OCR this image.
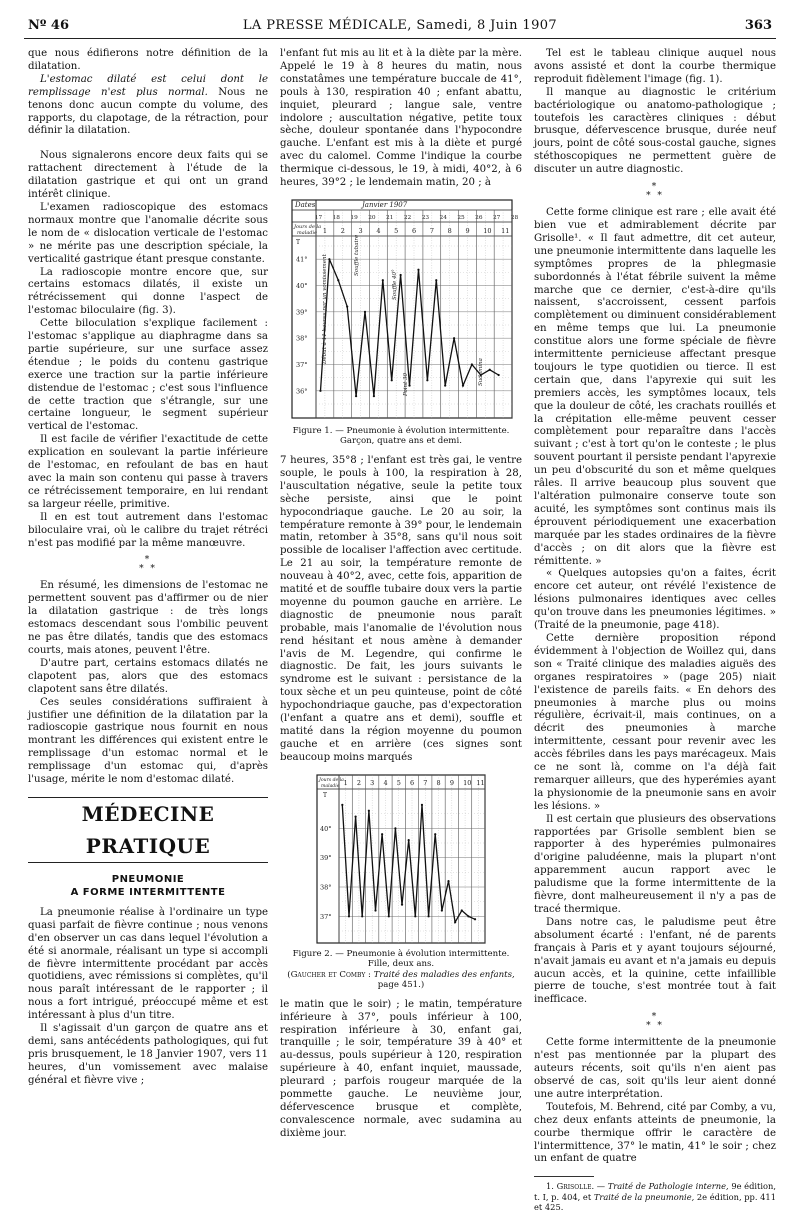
Nº 46	LA PRESSE MÉDICALE, Samedi, 8 Juin 1907	363

que nous édifierons notre définition de la dilatation.

L'estomac dilaté est celui dont le remplissage n'est plus normal. Nous ne tenons donc aucun compte du volume, des rapports, du clapotage, de la rétraction, pour définir la dilatation.

Nous signalerons encore deux faits qui se rattachent directement à l'étude de la dilatation gastrique et qui ont un grand intérêt clinique.

L'examen radioscopique des estomacs normaux montre que l'anomalie décrite sous le nom de « dislocation verticale de l'estomac » ne mérite pas une description spéciale, la verticalité gastrique étant presque constante.

La radioscopie montre encore que, sur certains estomacs dilatés, il existe un rétrécissement qui donne l'aspect de l'estomac biloculaire (fig. 3).

Cette biloculation s'explique facilement : l'estomac s'applique au diaphragme dans sa partie supérieure, sur une surface assez étendue ; le poids du contenu gastrique exerce une traction sur la partie inférieure distendue de l'estomac ; c'est sous l'influence de cette traction que s'étrangle, sur une certaine longueur, le segment supérieur vertical de l'estomac.

Il est facile de vérifier l'exactitude de cette explication en soulevant la partie inférieure de l'estomac, en refoulant de bas en haut avec la main son contenu qui passe à travers ce rétrécissement temporaire, en lui rendant sa largeur réelle, primitive.

Il en est tout autrement dans l'estomac biloculaire vrai, où le calibre du trajet rétréci n'est pas modifié par la même manœuvre.

*
* *

En résumé, les dimensions de l'estomac ne permettent souvent pas d'affirmer ou de nier la dilatation gastrique : de très longs estomacs descendant sous l'ombilic peuvent ne pas être dilatés, tandis que des estomacs courts, mais atones, peuvent l'être.

D'autre part, certains estomacs dilatés ne clapotent pas, alors que des estomacs clapotent sans être dilatés.

Ces seules considérations suffiraient à justifier une définition de la dilatation par la radioscopie gastrique nous fournit en nous montrant les différences qui existent entre le remplissage d'un estomac normal et le remplissage d'un estomac qui, d'après l'usage, mérite le nom d'estomac dilaté.

MÉDECINE PRATIQUE
PNEUMONIE
A FORME INTERMITTENTE

La pneumonie réalise à l'ordinaire un type quasi parfait de fièvre continue ; nous venons d'en observer un cas dans lequel l'évolution a été si anormale, réalisant un type si accompli de fièvre intermittente procédant par accès quotidiens, avec rémissions si complètes, qu'il nous paraît intéressant de le rapporter ; il nous a fort intrigué, préoccupé même et est intéressant à plus d'un titre.

Il s'agissait d'un garçon de quatre ans et demi, sans antécédents pathologiques, qui fut pris brusquement, le 18 Janvier 1907, vers 11 heures, d'un vomissement avec malaise général et fièvre vive ;

l'enfant fut mis au lit et à la diète par la mère. Appelé le 19 à 8 heures du matin, nous constatâmes une température buccale de 41°, pouls à 130, respiration 40 ; enfant abattu, inquiet, pleurard ; langue sale, ventre indolore ; auscultation négative, petite toux sèche, douleur spontanée dans l'hypocondre gauche. L'enfant est mis à la diète et purgé avec du calomel. Comme l'indique la courbe thermique ci-dessous, le 19, à midi, 40°2, à 6 heures, 39°2 ; le lendemain matin, 20 ; à

Dates	Janvier 1907
17 18 19 20 21 22 23 24 25 26 27 28
Jours de la
maladie
T
41°
40°
39°
38°
37°
36°
1 2 3 4 5 6 7 8 9 10 11
Début à 11 heures par un vomissement	Souffle tubaire
Souffle 40°
Point 30	Sudamina
Figure 1. — Pneumonie à évolution intermittente.
Garçon, quatre ans et demi.

7 heures, 35°8 ; l'enfant est très gai, le ventre souple, le pouls à 100, la respiration à 28, l'auscultation négative, seule la petite toux sèche persiste, ainsi que le point hypocondriaque gauche. Le 20 au soir, la température remonte à 39° pour, le lendemain matin, retomber à 35°8, sans qu'il nous soit possible de localiser l'affection avec certitude. Le 21 au soir, la température remonte de nouveau à 40°2, avec, cette fois, apparition de matité et de souffle tubaire doux vers la partie moyenne du poumon gauche en arrière. Le diagnostic de pneumonie nous paraît probable, mais l'anomalie de l'évolution nous rend hésitant et nous amène à demander l'avis de M. Legendre, qui confirme le diagnostic. De fait, les jours suivants le syndrome est le suivant : persistance de la toux sèche et un peu quinteuse, point de côté hypochondriaque gauche, pas d'expectoration (l'enfant a quatre ans et demi), souffle et matité dans la région moyenne du poumon gauche et en arrière (ces signes sont beaucoup moins marqués

Jours de la
maladie
T
40°
39°
38°
37°
1 2 3 4 5 6 7 8 9 10 11
Figure 2. — Pneumonie à évolution intermittente.
Fille, deux ans.
(Gaucher et Comby : Traité des maladies des enfants,
page 451.)

le matin que le soir) ; le matin, température inférieure à 37°, pouls inférieur à 100, respiration inférieure à 30, enfant gai, tranquille ; le soir, température 39 à 40° et au-dessus, pouls supérieur à 120, respiration supérieure à 40, enfant inquiet, maussade, pleurard ; parfois rougeur marquée de la pommette gauche. Le neuvième jour, défervescence brusque et complète, convalescence normale, avec sudamina au dixième jour.

Tel est le tableau clinique auquel nous avons assisté et dont la courbe thermique reproduit fidèlement l'image (fig. 1).

Il manque au diagnostic le critérium bactériologique ou anatomo-pathologique ; toutefois les caractères cliniques : début brusque, défervescence brusque, durée neuf jours, point de côté sous-costal gauche, signes stéthoscopiques ne permettent guère de discuter un autre diagnostic.

*
* *

Cette forme clinique est rare ; elle avait été bien vue et admirablement décrite par Grisolle¹. « Il faut admettre, dit cet auteur, une pneumonie intermittente dans laquelle les symptômes propres de la phlegmasie subordonnés à l'état fébrile suivent la même marche que ce dernier, c'est-à-dire qu'ils naissent, s'accroissent, cessent parfois complètement ou diminuent considérablement en même temps que lui. La pneumonie constitue alors une forme spéciale de fièvre intermittente pernicieuse affectant presque toujours le type quotidien ou tierce. Il est certain que, dans l'apyrexie qui suit les premiers accès, les symptômes locaux, tels que la douleur de côté, les crachats rouillés et la crépitation elle-même peuvent cesser complètement pour reparaître dans l'accès suivant ; c'est à tort qu'on le conteste ; le plus souvent pourtant il persiste pendant l'apyrexie un peu d'obscurité du son et même quelques râles. Il arrive beaucoup plus souvent que l'altération pulmonaire conserve toute son acuité, les symptômes sont continus mais ils éprouvent périodiquement une exacerbation marquée par les stades ordinaires de la fièvre d'accès ; on dit alors que la fièvre est rémittente. »

« Quelques autopsies qu'on a faites, écrit encore cet auteur, ont révélé l'existence de lésions pulmonaires identiques avec celles qu'on trouve dans les pneumonies légitimes. » (Traité de la pneumonie, page 418).

Cette dernière proposition répond évidemment à l'objection de Woillez qui, dans son « Traité clinique des maladies aiguës des organes respiratoires » (page 205) niait l'existence de pareils faits. « En dehors des pneumonies à marche plus ou moins régulière, écrivait-il, mais continues, on a décrit des pneumonies à marche intermittente, cessant pour revenir avec les accès fébriles dans les pays marécageux. Mais ce ne sont là, comme on l'a déjà fait remarquer ailleurs, que des hyperémies ayant la physionomie de la pneumonie sans en avoir les lésions. »

Il est certain que plusieurs des observations rapportées par Grisolle semblent bien se rapporter à des hyperémies pulmonaires d'origine paludéenne, mais la plupart n'ont apparemment aucun rapport avec le paludisme que la forme intermittente de la fièvre, dont malheureusement il n'y a pas de tracé thermique.

Dans notre cas, le paludisme peut être absolument écarté : l'enfant, né de parents français à Paris et y ayant toujours séjourné, n'avait jamais eu avant et n'a jamais eu depuis aucun accès, et la quinine, cette infaillible pierre de touche, s'est montrée tout à fait inefficace.

*
* *

Cette forme intermittente de la pneumonie n'est pas mentionnée par la plupart des auteurs récents, soit qu'ils n'en aient pas observé de cas, soit qu'ils leur aient donné une autre interprétation.

Toutefois, M. Behrend, cité par Comby, a vu, chez deux enfants atteints de pneumonie, la courbe thermique offrir le caractère de l'intermittence, 37° le matin, 41° le soir ; chez un enfant de quatre

1. Grisolle. — Traité de Pathologie interne, 9e édition, t. I, p. 404, et Traité de la pneumonie, 2e édition, pp. 411 et 425.
